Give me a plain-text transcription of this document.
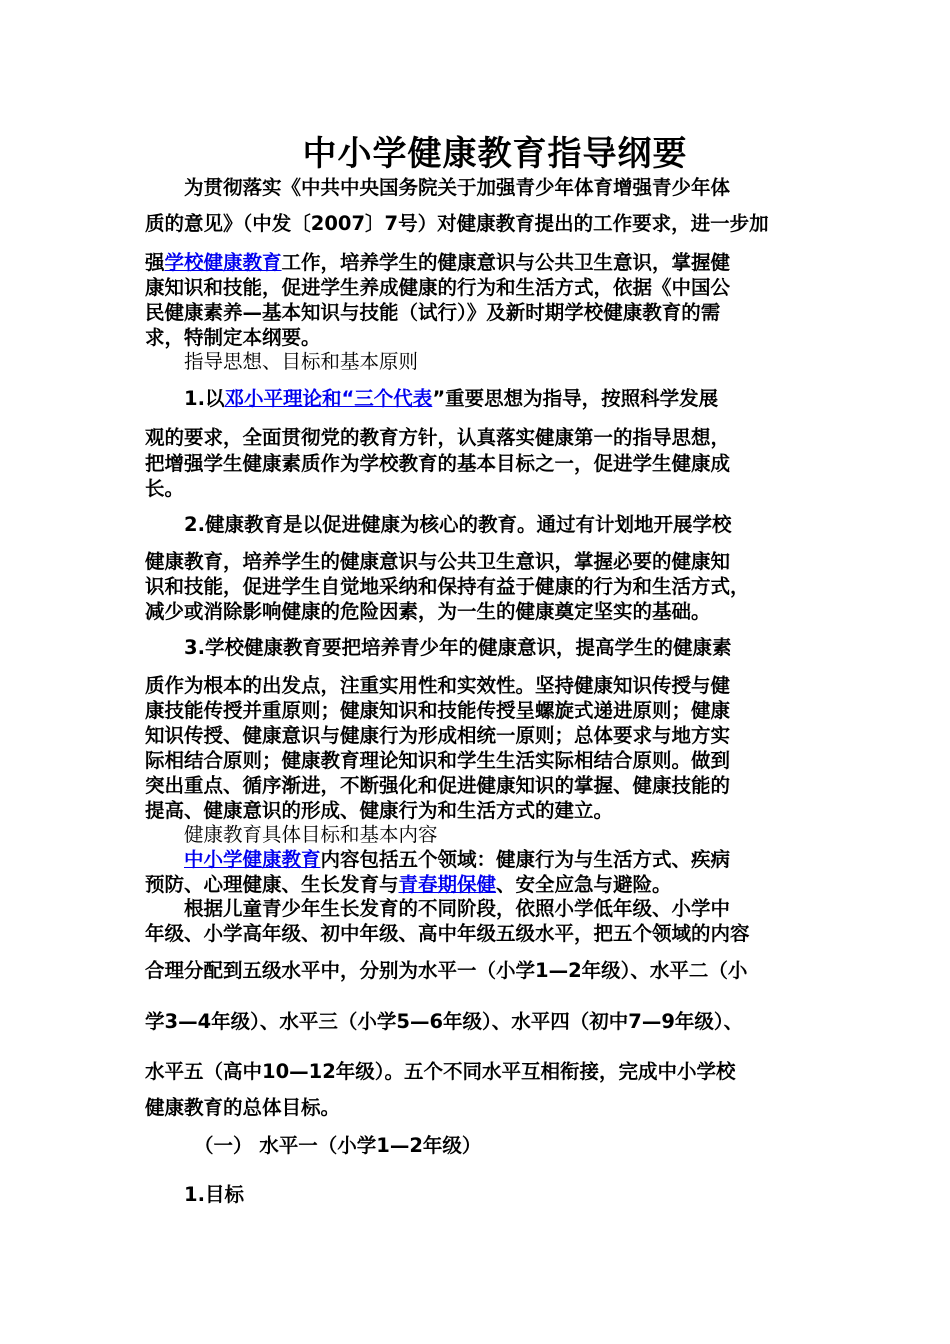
中小学健康教育指导纲要
为贯彻落实《中共中央国务院关于加强青少年体育增强青少年体
质的意见》（中发〔2007〕7号）对健康教育提出的工作要求，进一步加
强学校健康教育工作，培养学生的健康意识与公共卫生意识，掌握健
康知识和技能，促进学生养成健康的行为和生活方式，依据《中国公
民健康素养—基本知识与技能（试行）》及新时期学校健康教育的需
求，特制定本纲要。
指导思想、目标和基本原则
1.以邓小平理论和“三个代表”重要思想为指导，按照科学发展
观的要求，全面贯彻党的教育方针，认真落实健康第一的指导思想，
把增强学生健康素质作为学校教育的基本目标之一，促进学生健康成
长。
2.健康教育是以促进健康为核心的教育。通过有计划地开展学校
健康教育，培养学生的健康意识与公共卫生意识，掌握必要的健康知
识和技能，促进学生自觉地采纳和保持有益于健康的行为和生活方式，
减少或消除影响健康的危险因素，为一生的健康奠定坚实的基础。
3.学校健康教育要把培养青少年的健康意识，提高学生的健康素
质作为根本的出发点，注重实用性和实效性。坚持健康知识传授与健
康技能传授并重原则；健康知识和技能传授呈螺旋式递进原则；健康
知识传授、健康意识与健康行为形成相统一原则；总体要求与地方实
际相结合原则；健康教育理论知识和学生生活实际相结合原则。做到
突出重点、循序渐进，不断强化和促进健康知识的掌握、健康技能的
提高、健康意识的形成、健康行为和生活方式的建立。
健康教育具体目标和基本内容
中小学健康教育内容包括五个领域：健康行为与生活方式、疾病
预防、心理健康、生长发育与青春期保健、安全应急与避险。
根据儿童青少年生长发育的不同阶段，依照小学低年级、小学中
年级、小学高年级、初中年级、高中年级五级水平，把五个领域的内容
合理分配到五级水平中，分别为水平一（小学1—2年级）、水平二（小
学3—4年级）、水平三（小学5—6年级）、水平四（初中7—9年级）、
水平五（高中10—12年级）。五个不同水平互相衔接，完成中小学校
健康教育的总体目标。
（一） 水平一（小学1—2年级）
1.目标
